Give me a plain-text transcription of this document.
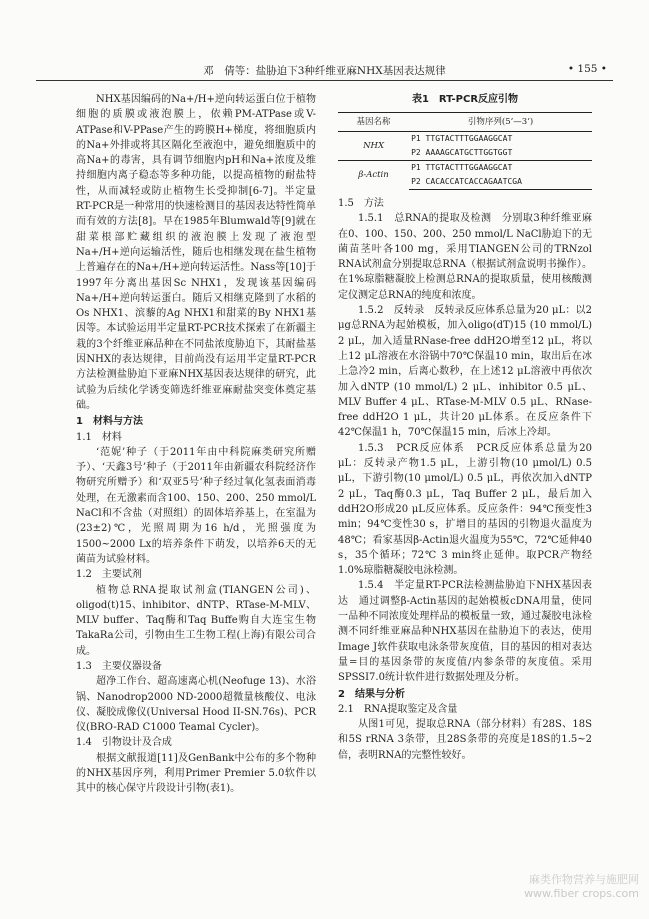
邓　倩等：盐胁迫下3种纤维亚麻NHX基因表达规律	• 155 •

NHX基因编码的Na+/H+逆向转运蛋白位于植物细胞的质膜或液泡膜上，依赖PM-ATPase或V-ATPase和V-PPase产生的跨膜H+梯度，将细胞质内的Na+外排或将其区隔化至液泡中，避免细胞质中的高Na+的毒害，具有调节细胞内pH和Na+浓度及维持细胞内离子稳态等多种功能，以提高植物的耐盐特性，从而减轻或防止植物生长受抑制[6-7]。半定量RT-PCR是一种常用的快速检测目的基因表达特性简单而有效的方法[8]。早在1985年Blumwald等[9]就在甜菜根部贮藏组织的液泡膜上发现了液泡型Na+/H+逆向运输活性，随后也相继发现在盐生植物上普遍存在的Na+/H+逆向转运活性。Nass等[10]于1997年分离出基因Sc NHX1，发现该基因编码Na+/H+逆向转运蛋白。随后又相继克隆到了水稻的Os NHX1、滨藜的Ag NHX1和甜菜的By NHX1基因等。本试验运用半定量RT-PCR技术探索了在新疆主栽的3个纤维亚麻品种在不同盐浓度胁迫下，其耐盐基因NHX的表达规律，目前尚没有运用半定量RT-PCR方法检测盐胁迫下亚麻NHX基因表达规律的研究，此试验为后续化学诱变筛选纤维亚麻耐盐突变体奠定基础。

1　材料与方法
1.1　材料

‘范妮’种子（于2011年由中科院麻类研究所赠予）、‘天鑫3号’种子（于2011年由新疆农科院经济作物研究所赠予）和‘双亚5号’种子经过氧化氢表面消毒处理，在无激素而含100、150、200、250 mmol/L NaCl和不含盐（对照组）的固体培养基上，在室温为(23±2)℃，光照周期为16 h/d，光照强度为1500~2000 Lx的培养条件下萌发，以培养6天的无菌苗为试验材料。

1.2　主要试剂

植物总RNA提取试剂盒(TIANGEN公司)、oligod(t)15、inhibitor、dNTP、RTase-M-MLV、MLV buffer、Taq酶和Taq Buffe购自大连宝生物TakaRa公司，引物由生工生物工程(上海)有限公司合成。

1.3　主要仪器设备

超净工作台、超高速离心机(Neofuge 13)、水浴锅、Nanodrop2000 ND-2000超微量核酸仪、电泳仪、凝胶成像仪(Universal Hood II-SN.76s)、PCR仪(BRO-RAD C1000 Teamal Cycler)。

1.4　引物设计及合成

根据文献报道[11]及GenBank中公布的多个物种的NHX基因序列，利用Primer Premier 5.0软件以其中的核心保守片段设计引物(表1)。

表1　RT-PCR反应引物
基因名称	引物序列(5’—3’)
NHX	P1 TTGTACTTTGGAAGGCAT
	P2 AAAAGCATGCTTGGTGGT
β-Actin	P1 TTGTACTTTGGAAGGCAT
	P2 CACACCATCACCAGAATCGA
1.5　方法

1.5.1　总RNA的提取及检测　分别取3种纤维亚麻在0、100、150、200、250 mmol/L NaCl胁迫下的无菌苗茎叶各100 mg，采用TIANGEN公司的TRNzol RNA试剂盒分别提取总RNA（根据试剂盒说明书操作）。在1%琼脂糖凝胶上检测总RNA的提取质量，使用核酸测定仪测定总RNA的纯度和浓度。

1.5.2　反转录　反转录反应体系总量为20 μL：以2 μg总RNA为起始模板，加入oligo(dT)15 (10 mmol/L) 2 μL，加入适量RNase-free ddH2O增至12 μL，将以上12 μL溶液在水浴锅中70℃保温10 min，取出后在冰上急冷2 min，后离心数秒，在上述12 μL溶液中再依次加入dNTP (10 mmol/L) 2 μL、inhibitor 0.5 μL、MLV Buffer 4 μL、RTase-M-MLV 0.5 μL、RNase-free ddH2O 1 μL，共计20 μL体系。在反应条件下42℃保温1 h，70℃保温15 min，后冰上冷却。

1.5.3　PCR反应体系　PCR反应体系总量为20 μL：反转录产物1.5 μL，上游引物(10 μmol/L) 0.5 μL，下游引物(10 μmol/L) 0.5 μL，再依次加入dNTP 2 μL，Taq酶0.3 μL，Taq Buffer 2 μL，最后加入ddH2O形成20 μL反应体系。反应条件：94℃预变性3 min；94℃变性30 s，扩增目的基因的引物退火温度为48℃；看家基因β-Actin退火温度为55℃，72℃延伸40 s，35个循环；72℃ 3 min终止延伸。取PCR产物经1.0%琼脂糖凝胶电泳检测。

1.5.4　半定量RT-PCR法检测盐胁迫下NHX基因表达　通过调整β-Actin基因的起始模板cDNA用量，使同一品种不同浓度处理样品的模板量一致，通过凝胶电泳检测不同纤维亚麻品种NHX基因在盐胁迫下的表达，使用Image J软件获取电泳条带灰度值，目的基因的相对表达量=目的基因条带的灰度值/内参条带的灰度值。采用SPSSI7.0统计软件进行数据处理及分析。

2　结果与分析
2.1　RNA提取鉴定及含量

从图1可见，提取总RNA（部分材料）有28S、18S和5S rRNA 3条带，且28S条带的亮度是18S的1.5~2倍，表明RNA的完整性较好。

麻类作物营养与施肥网
www.fiber crops.com
